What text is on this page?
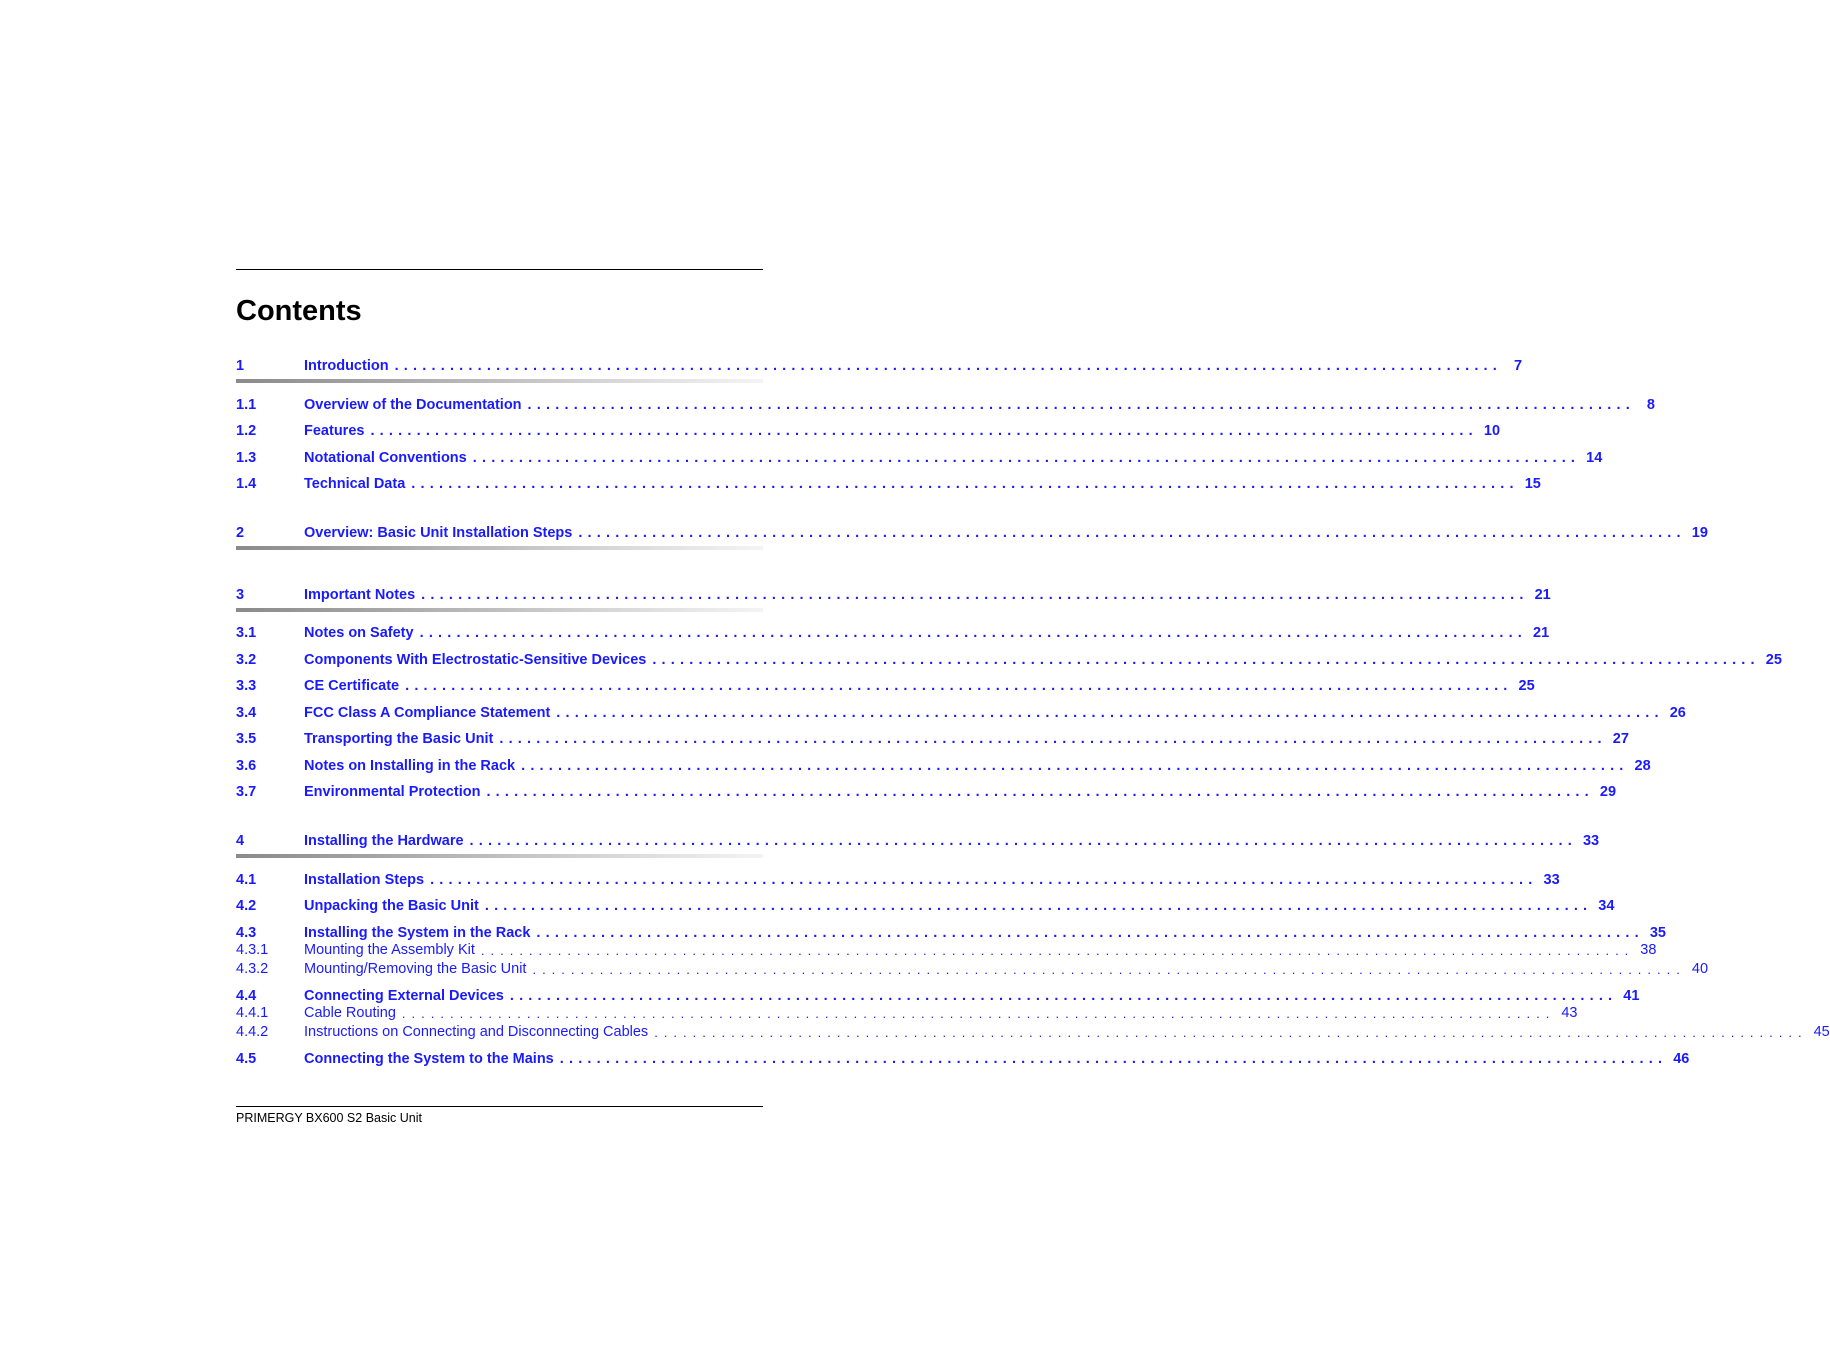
Contents
1	Introduction ........................................................................................................................ 7
1.1	Overview of the Documentation ........................................................................................................................ 8
1.2	Features ........................................................................................................................ 10
1.3	Notational Conventions ........................................................................................................................ 14
1.4	Technical Data ........................................................................................................................ 15
2	Overview: Basic Unit Installation Steps ........................................................................................................................ 19
3	Important Notes ........................................................................................................................ 21
3.1	Notes on Safety ........................................................................................................................ 21
3.2	Components With Electrostatic-Sensitive Devices ........................................................................................................................ 25
3.3	CE Certificate ........................................................................................................................ 25
3.4	FCC Class A Compliance Statement ........................................................................................................................ 26
3.5	Transporting the Basic Unit ........................................................................................................................ 27
3.6	Notes on Installing in the Rack ........................................................................................................................ 28
3.7	Environmental Protection ........................................................................................................................ 29
4	Installing the Hardware ........................................................................................................................ 33
4.1	Installation Steps ........................................................................................................................ 33
4.2	Unpacking the Basic Unit ........................................................................................................................ 34
4.3	Installing the System in the Rack ........................................................................................................................ 35
4.3.1 Mounting the Assembly Kit ........................................................................................................................ 38
4.3.2 Mounting/Removing the Basic Unit ........................................................................................................................ 40
4.4	Connecting External Devices ........................................................................................................................ 41
4.4.1 Cable Routing ........................................................................................................................ 43
4.4.2 Instructions on Connecting and Disconnecting Cables ........................................................................................................................ 45
4.5	Connecting the System to the Mains ........................................................................................................................ 46
PRIMERGY BX600 S2 Basic Unit
